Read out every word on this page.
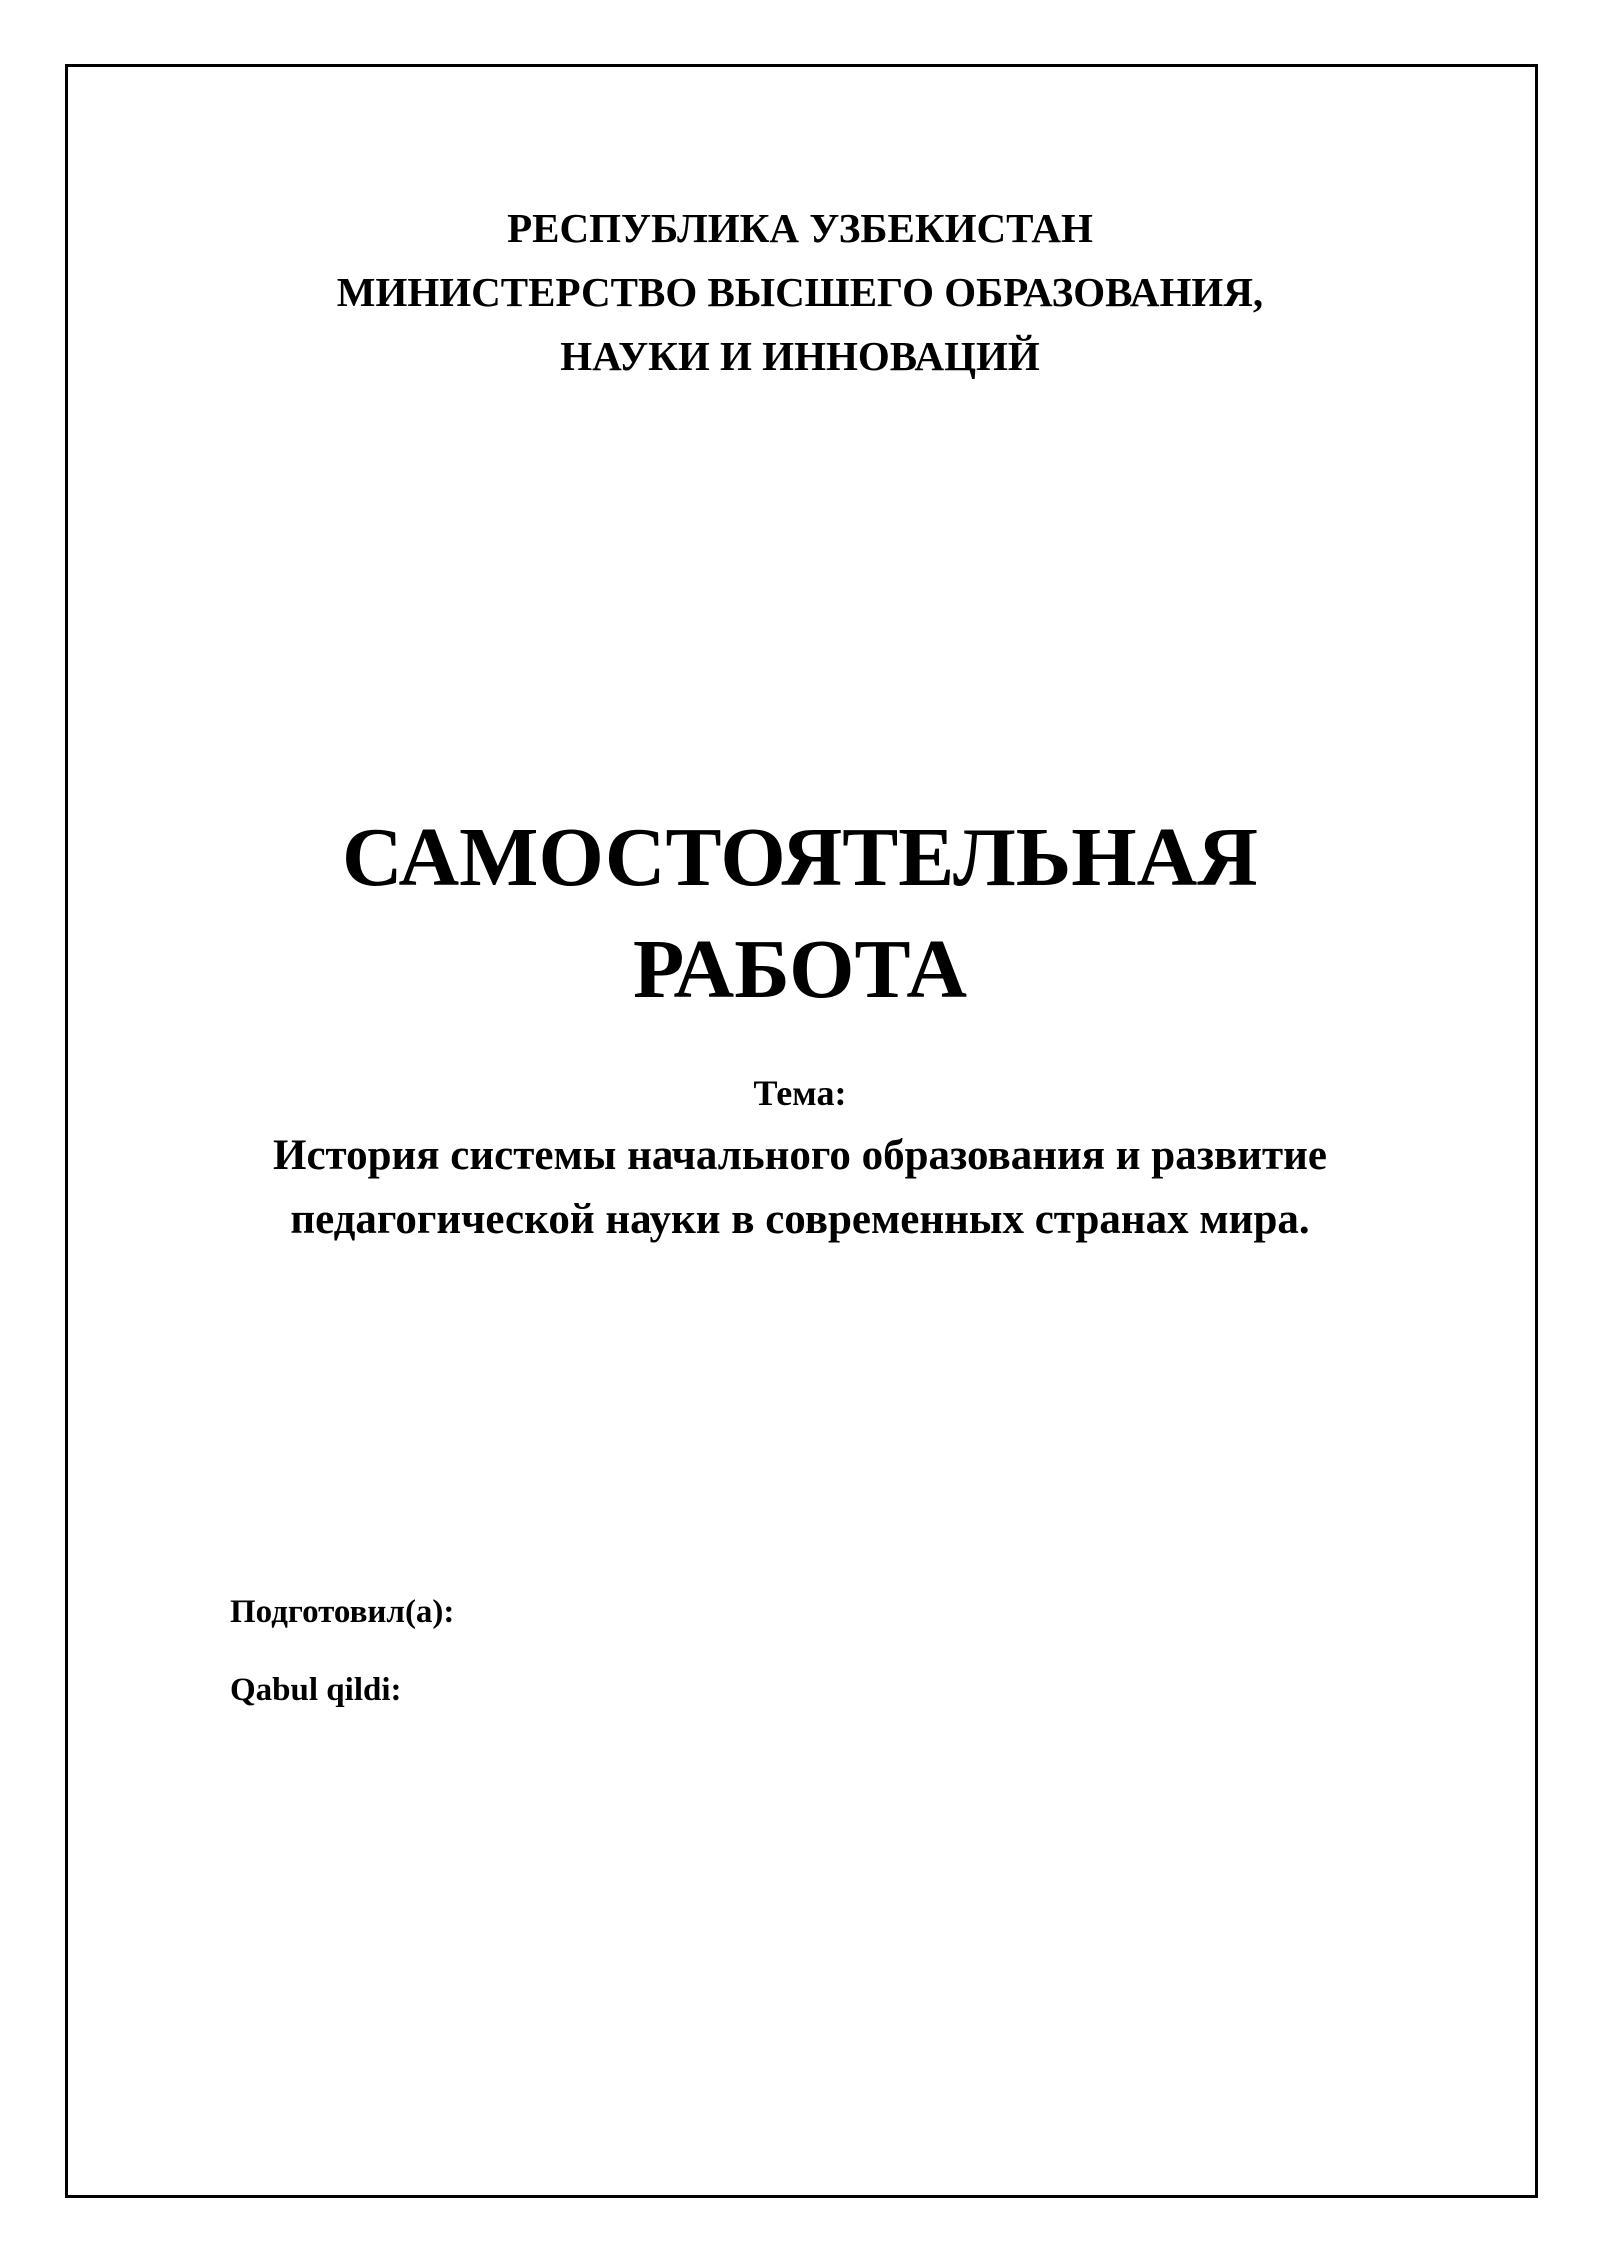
РЕСПУБЛИКА УЗБЕКИСТАН
МИНИСТЕРСТВО ВЫСШЕГО ОБРАЗОВАНИЯ,
НАУКИ И ИННОВАЦИЙ
САМОСТОЯТЕЛЬНАЯ
РАБОТА
Тема:
История системы начального образования и развитие
педагогической науки в современных странах мира.
Подготовил(а):
Qabul qildi:
